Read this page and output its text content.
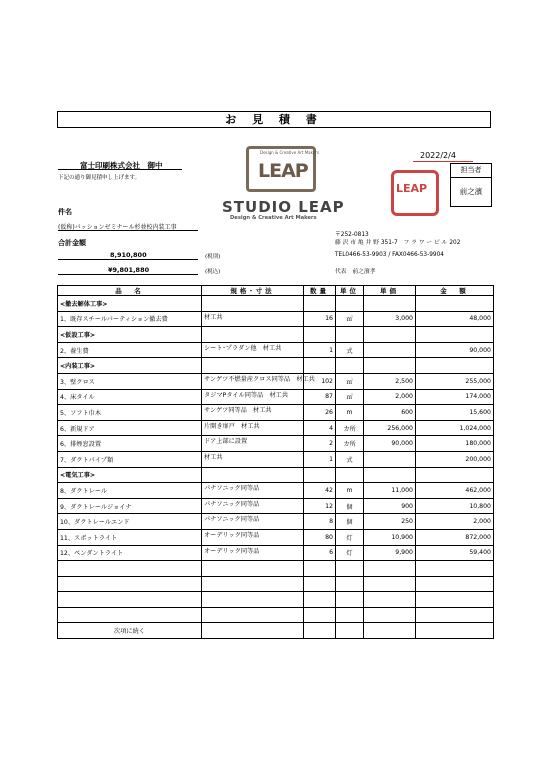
お 見 積 書
2022/2/4
担当者
前之濱
富士印刷株式会社　御中
下記の通り御見積申し上げます。
件名
(仮称)パッションゼミナール杉並校内装工事
合計金額
8,910,800	(税別)
¥9,801,880	(税込)
Design & Creative Art Makers
LEAP
STUDIO LEAP
Design & Creative Art Makers
LEAP
〒252-0813
藤 沢 市 亀 井 野 351-7　フ ラ ワ ー ビ ル 202
TEL0466-53-9903 / FAX0466-53-9904
代表　前之濱孝
品　名	規格･寸法	数量	単位	単価	金　額
<撤去解体工事>					
1、既存スチールパーティション撤去費	材工共	16	㎡	3,000	48,000
<仮設工事>					
2、養生費	シート･プラダン他　材工共	1	式		90,000
<内装工事>					
3、壁クロス	サンゲツ不燃量産クロス同等品　材工共	102	㎡	2,500	255,000
4、床タイル	タジマPタイル同等品　材工共	87	㎡	2,000	174,000
5、ソフト巾木	サンゲツ同等品　材工共	26	m	600	15,600
6、新規ドア	片開き扉戸　材工共	4	カ所	256,000	1,024,000
6、排煙窓設置	ドア上部に設置	2	カ所	90,000	180,000
7、ダクトパイプ類	材工共	1	式		200,000
<電気工事>					
8、ダクトレール	パナソニック同等品	42	m	11,000	462,000
9、ダクトレールジョイナ	パナソニック同等品	12	個	900	10,800
10、ダクトレールエンド	パナソニック同等品	8	個	250	2,000
11、スポットライト	オーデリック同等品	80	灯	10,900	872,000
12、ペンダントライト	オーデリック同等品	6	灯	9,900	59,400

次項に続く					
